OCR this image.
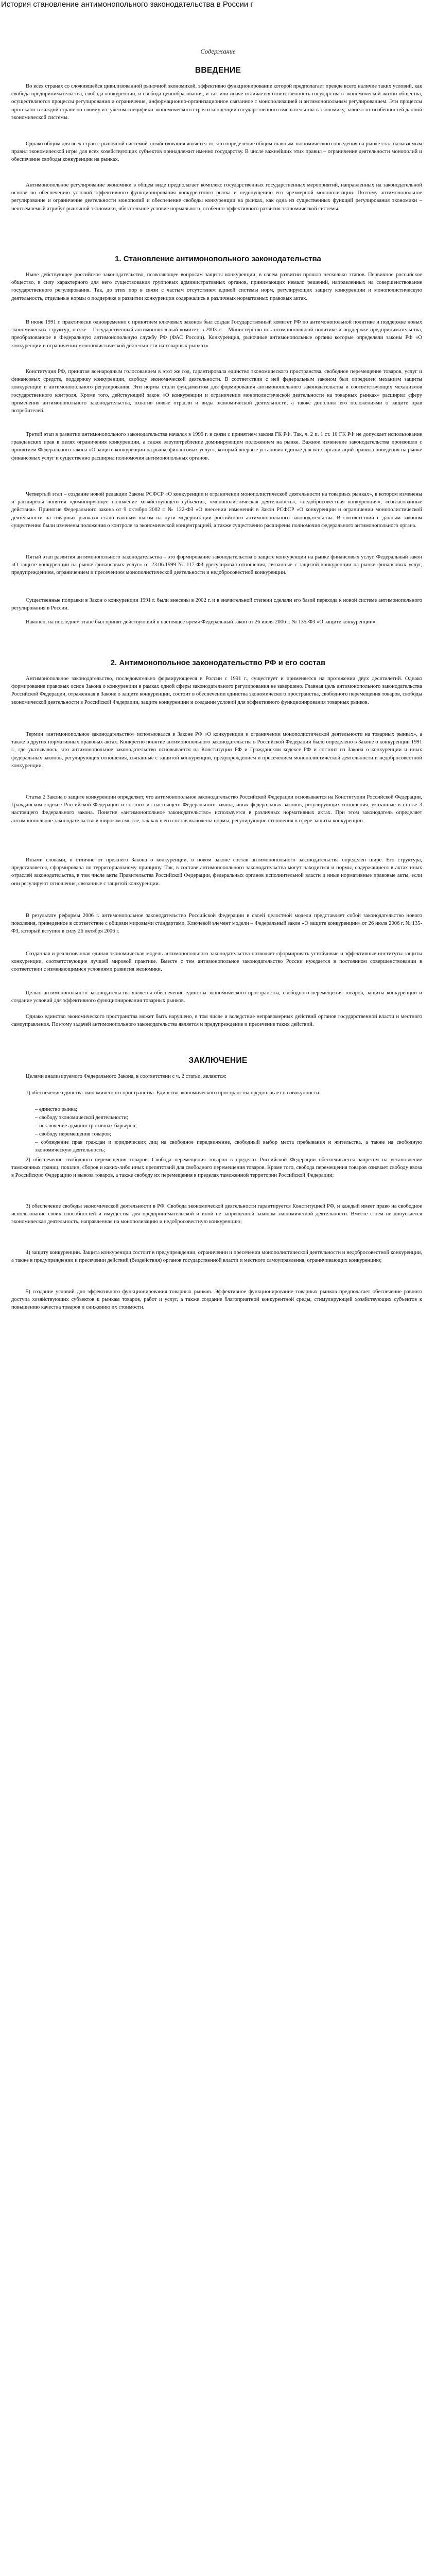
История становление антимонопольного законодательства в России г
Содержание
ВВЕДЕНИЕ

Во всех странах со сложившейся цивилизованной рыночной экономикой, эффективно функционирование которой предполагает прежде всего наличие таких условий, как свобода предпринимательства, свобода конкуренции, и свобода ценообразования, и так или иначе отличается ответственность государства в экономической жизни общества, осуществляются процессы регулирования и ограничения, информационно-организационное связанное с монополизацией и антимонопольным регулированием. Эти процессы протекают в каждой стране по-своему и с учетом специфики экономического строя и концепции государственного вмешательства в экономику, зависят от особенностей данной экономической системы.

Однако общим для всех стран с рыночной системой хозяйствования является то, что определение общим главным экономического поведения на рынке стал называемым правил экономической игры для всех хозяйствующих субъектов принадлежит именно государству. В числе важнейших этих правил – ограничение деятельности монополий и обеспечение свободы конкуренции на рынках.

Антимонопольное регулирование экономики в общем виде предполагает комплекс государственных государственных мероприятий, направленных на законодательной основе по обеспечению условий эффективного функционирования конкурентного рынка и недопущению его чрезмерной монополизации. Поэтому антимонопольное регулирование и ограничение деятельности монополий и обеспечение свободы конкуренции на рынках, как одна из существенных функций регулирования экономики – неотъемлемый атрибут рыночной экономики, обязательное условие нормального, особенно эффективного развития экономической системы.

1. Становление антимонопольного законодательства

Ныне действующее российское законодательство, позволяющее вопросам защиты конкуренции, в своем развитии прошло несколько этапов. Первичное российское общество, в силу характерного для него существования групповых административных органов, принимающих немало решений, направленных на совершенствование государственного регулирования. Так, до этих пор в связи с частым отсутствием единой системы норм, регулирующих защиту конкуренции и монополистическую деятельность, отдельные нормы о поддержке и развитии конкуренции содержались в различных нормативных правовых актах.

В июне 1991 г. практически одновременно с принятием ключевых законов был создан Государственный комитет РФ по антимонопольной политике и поддержке новых экономических структур, позже – Государственный антимонопольный комитет, в 2003 г. – Министерство по антимонопольной политике и поддержке предпринимательства, преобразованное в Федеральную антимонопольную службу РФ (ФАС России). Конкуренция, рыночные антимонопольные органы которые определяли законы РФ «О конкуренции и ограничении монополистической деятельности на товарных рынках».

Конституция РФ, принятая всенародным голосованием в этот же год, гарантировала единство экономического пространства, свободное перемещение товаров, услуг и финансовых средств, поддержку конкуренции, свободу экономической деятельности. В соответствии с ней федеральным законом был определен механизм защиты конкуренции и антимонопольного регулирования. Эти нормы стали фундаментом для формирования антимонопольного законодательства и соответствующих механизмов государственного контроля. Кроме того, действующий закон «О конкуренции и ограничении монополистической деятельности на товарных рынках» расширил сферу применения антимонопольного законодательства, охватив новые отрасли и виды экономической деятельности, а также дополнил его положениями о защите прав потребителей.

Третий этап в развитии антимонопольного законодательства начался в 1999 г. в связи с принятием закона ГК РФ. Так, ч. 2 п. 1 ст. 10 ГК РФ не допускает использование гражданских прав в целях ограничения конкуренции, а также злоупотребление доминирующим положением на рынке. Важное изменение законодательства произошло с принятием Федерального закона «О защите конкуренции на рынке финансовых услуг», который впервые установил единые для всех организаций правила поведения на рынке финансовых услуг и существенно расширил полномочия антимонопольных органов.

Четвертый этап – создание новой редакции Закона РСФСР «О конкуренции и ограничении монополистической деятельности на товарных рынках», в котором изменены и расширены понятия «доминирующее положение хозяйствующего субъекта», «монополистическая деятельность», «недобросовестная конкуренция», «согласованные действия». Принятие Федерального закона от 9 октября 2002 г. № 122-ФЗ «О внесении изменений в Закон РСФСР «О конкуренции и ограничении монополистической деятельности на товарных рынках» стало важным шагом на пути модернизации российского антимонопольного законодательства. В соответствии с данным законом существенно были изменены положения о контроле за экономической концентрацией, а также существенно расширены полномочия федерального антимонопольного органа.

Пятый этап развития антимонопольного законодательства – это формирование законодательства о защите конкуренции на рынке финансовых услуг. Федеральный закон «О защите конкуренции на рынке финансовых услуг» от 23.06.1999 № 117-ФЗ урегулировал отношения, связанные с защитой конкуренции на рынке финансовых услуг, предупреждением, ограничением и пресечением монополистической деятельности и недобросовестной конкуренции.

Существенные поправки в Закон о конкуренции 1991 г. были внесены в 2002 г. и в значительной степени сделали его базой перехода к новой системе антимонопольного регулирования в России.

Наконец, на последнем этапе был принят действующий в настоящее время Федеральный закон от 26 июля 2006 г. № 135-ФЗ «О защите конкуренции».

2. Антимонопольное законодательство РФ и его состав

Антимонопольное законодательство, последовательно формирующееся в России с 1991 г., существует и применяется на протяжении двух десятилетий. Однако формирование правовых основ Закона о конкуренции в рамках одной сферы законодательного регулирования не завершено. Главная цель антимонопольного законодательства Российской Федерации, отраженная в Законе о защите конкуренции, состоит в обеспечении единства экономического пространства, свободного перемещения товаров, свободы экономической деятельности в Российской Федерации, защите конкуренции и создании условий для эффективного функционирования товарных рынков.

Термин «антимонопольное законодательство» использовался в Законе РФ «О конкуренции и ограничении монополистической деятельности на товарных рынках», а также в других нормативных правовых актах. Конкретно понятие антимонопольного законодательства в Российской Федерации было определено в Законе о конкуренции 1991 г., где указывалось, что антимонопольное законодательство основывается на Конституции РФ и Гражданском кодексе РФ и состоит из Закона о конкуренции и иных федеральных законов, регулирующих отношения, связанные с защитой конкуренции, предупреждением и пресечением монополистической деятельности и недобросовестной конкуренции.

Статья 2 Закона о защите конкуренции определяет, что антимонопольное законодательство Российской Федерации основывается на Конституции Российской Федерации, Гражданском кодексе Российской Федерации и состоит из настоящего Федерального закона, иных федеральных законов, регулирующих отношения, указанные в статье 3 настоящего Федерального закона. Понятие «антимонопольное законодательство» используется в различных нормативных актах. При этом законодатель определяет антимонопольное законодательство в широком смысле, так как в его состав включены нормы, регулирующие отношения в сфере защиты конкуренции.

Иными словами, в отличие от прежнего Закона о конкуренции, в новом законе состав антимонопольного законодательства определен шире. Его структура, представляется, сформирована по территориальному принципу. Так, в составе антимонопольного законодательства могут находиться и нормы, содержащиеся в актах иных отраслей законодательства, в том числе акты Правительства Российской Федерации, федеральных органов исполнительной власти и иные нормативные правовые акты, если они регулируют отношения, связанные с защитой конкуренции.

В результате реформы 2006 г. антимонопольное законодательство Российской Федерации в своей целостной модели представляет собой законодательство нового поколения, приведенное в соответствие с общими мировыми стандартами. Ключевой элемент модели – Федеральный закон «О защите конкуренции» от 26 июля 2006 г. № 135-ФЗ, который вступил в силу 26 октября 2006 г.

Созданная и реализованная единая экономическая модель антимонопольного законодательства позволяет сформировать устойчивые и эффективные институты защиты конкуренции, соответствующие лучшей мировой практике. Вместе с тем антимонопольное законодательство России нуждается в постоянном совершенствовании в соответствии с изменяющимися условиями развития экономики.

Целью антимонопольного законодательства является обеспечение единства экономического пространства, свободного перемещения товаров, защиты конкуренции и создание условий для эффективного функционирования товарных рынков.

Однако единство экономического пространства может быть нарушено, в том числе и вследствие неправомерных действий органов государственной власти и местного самоуправления. Поэтому задачей антимонопольного законодательства является и предупреждение и пресечение таких действий.

ЗАКЛЮЧЕНИЕ

Целями анализируемого Федерального Закона, в соответствии с ч. 2 статьи, являются:

1) обеспечение единства экономического пространства. Единство экономического пространства предполагает в совокупности:

– единство рынка;

– свободу экономической деятельности;

– исключение административных барьеров;

– свободу перемещения товаров;

– соблюдение прав граждан и юридических лиц на свободное передвижение, свободный выбор места пребывания и жительства, а также на свободную экономическую деятельность;

2) обеспечение свободного перемещения товаров. Свобода перемещения товаров в пределах Российской Федерации обеспечивается запретом на установление таможенных границ, пошлин, сборов и каких-либо иных препятствий для свободного перемещения товаров. Кроме того, свобода перемещения товаров означает свободу ввоза в Российскую Федерацию и вывоза товаров, а также свободу их перемещения в пределах таможенной территории Российской Федерации;

3) обеспечение свободы экономической деятельности в РФ. Свобода экономической деятельности гарантируется Конституцией РФ, и каждый имеет право на свободное использование своих способностей и имущества для предпринимательской и иной не запрещенной законом экономической деятельности. Вместе с тем не допускается экономическая деятельность, направленная на монополизацию и недобросовестную конкуренцию;

4) защиту конкуренции. Защита конкуренции состоит в предупреждении, ограничении и пресечении монополистической деятельности и недобросовестной конкуренции, а также в предупреждении и пресечении действий (бездействия) органов государственной власти и местного самоуправления, ограничивающих конкуренцию;

5) создание условий для эффективного функционирования товарных рынков. Эффективное функционирование товарных рынков предполагает обеспечение равного доступа хозяйствующих субъектов к рынкам товаров, работ и услуг, а также создание благоприятной конкурентной среды, стимулирующей хозяйствующих субъектов к повышению качества товаров и снижению их стоимости.
